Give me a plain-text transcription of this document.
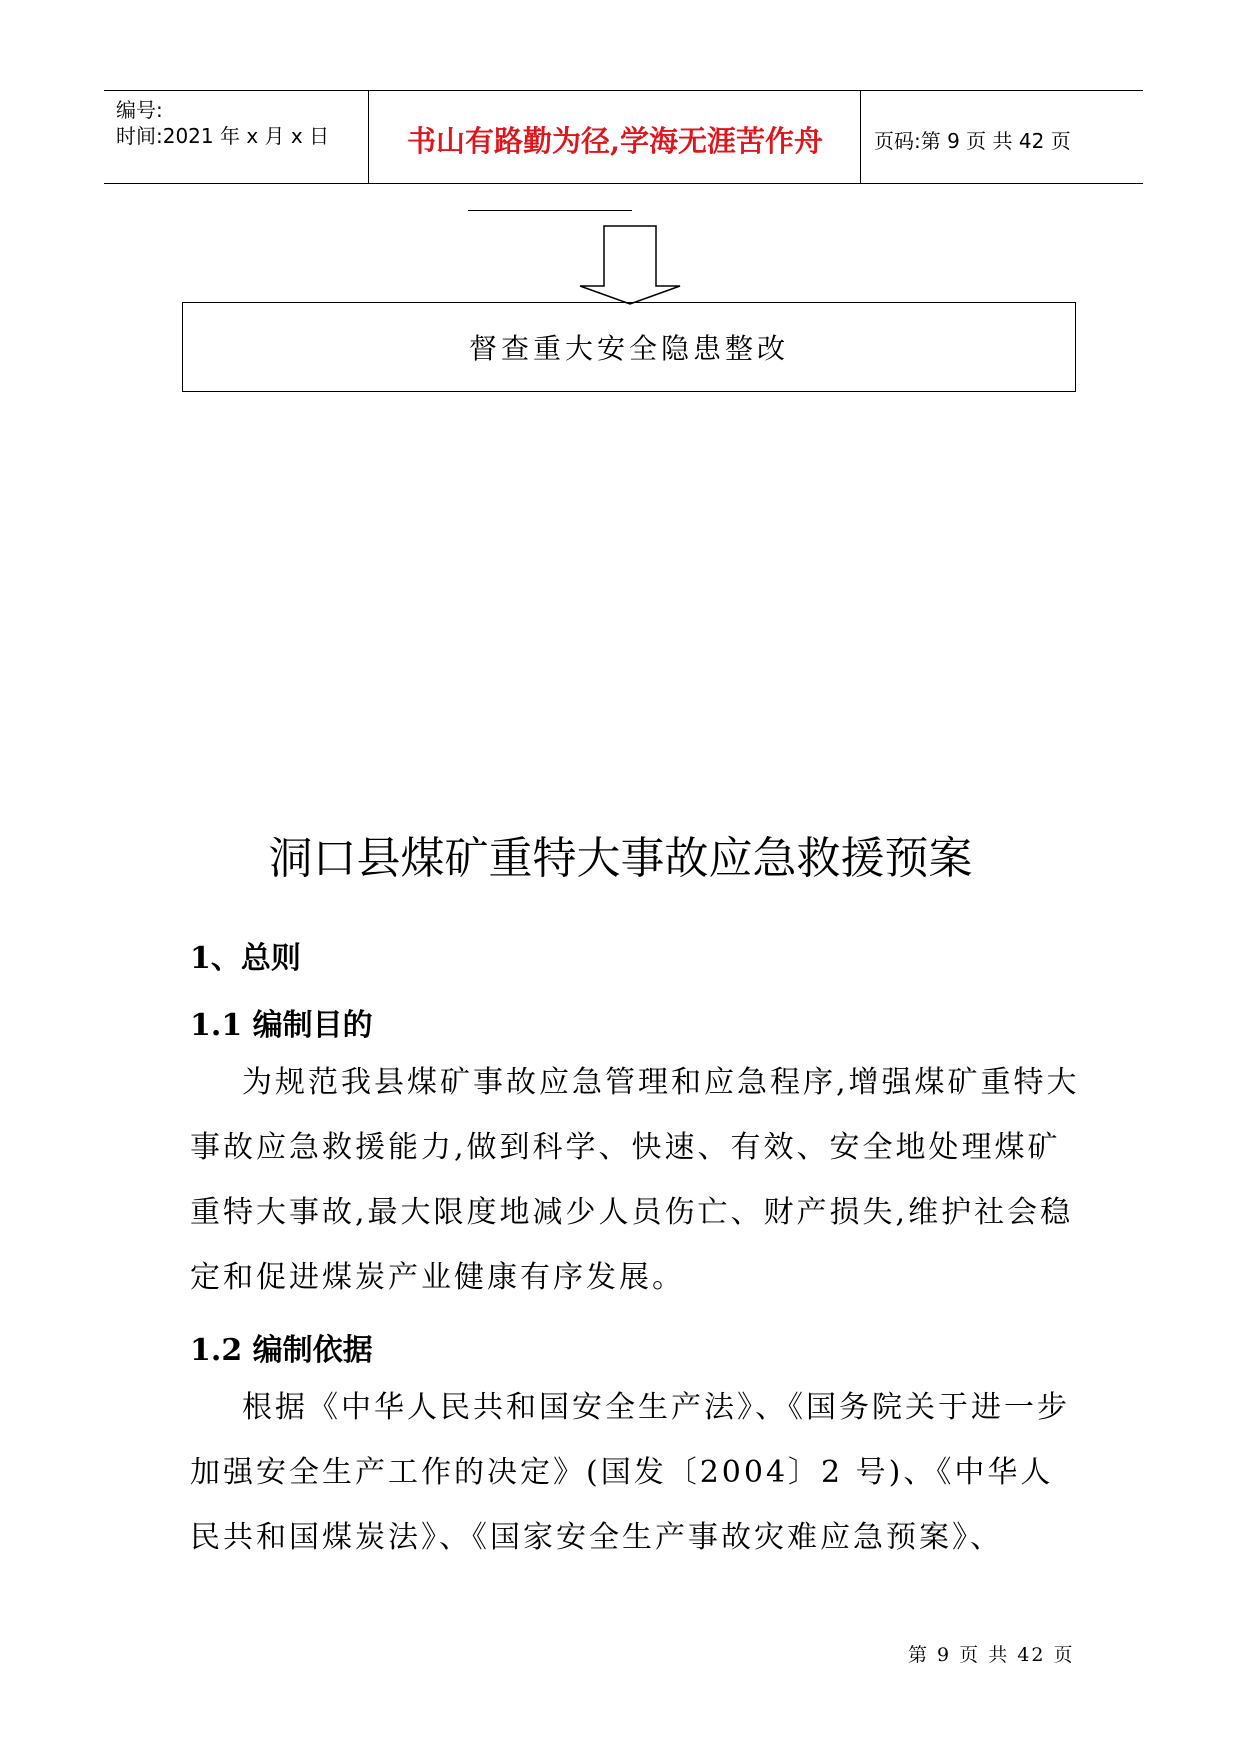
编号:
时间:2021 年 x 月 x 日	书山有路勤为径,学海无涯苦作舟	页码:第 9 页 共 42 页
督查重大安全隐患整改
洞口县煤矿重特大事故应急救援预案
1、总则
1.1 编制目的

为规范我县煤矿事故应急管理和应急程序,增强煤矿重特大事故应急救援能力,做到科学、快速、有效、安全地处理煤矿重特大事故,最大限度地减少人员伤亡、财产损失,维护社会稳定和促进煤炭产业健康有序发展。

1.2 编制依据

根据《中华人民共和国安全生产法》、《国务院关于进一步加强安全生产工作的决定》(国发〔2004〕2 号)、《中华人民共和国煤炭法》、《国家安全生产事故灾难应急预案》、

第 9 页 共 42 页
